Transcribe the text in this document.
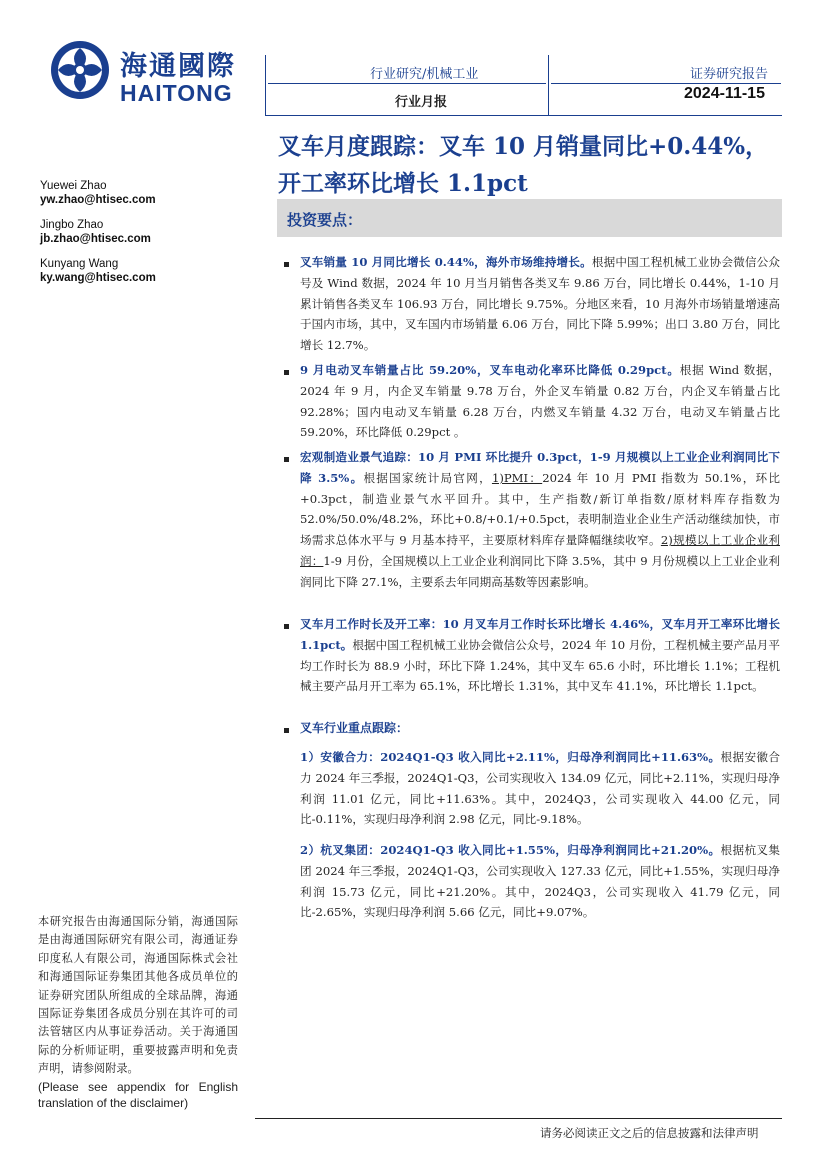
海通國際
HAITONG
行业研究/机械工业
行业月报
证券研究报告
2024-11-15
叉车月度跟踪：叉车 10 月销量同比+0.44%，开工率环比增长 1.1pct
Yuewei Zhao
yw.zhao@htisec.com
Jingbo Zhao
jb.zhao@htisec.com
Kunyang Wang
ky.wang@htisec.com
投资要点：
叉车销量 10 月同比增长 0.44%，海外市场维持增长。根据中国工程机械工业协会微信公众号及 Wind 数据，2024 年 10 月当月销售各类叉车 9.86 万台，同比增长 0.44%，1-10 月累计销售各类叉车 106.93 万台，同比增长 9.75%。分地区来看，10 月海外市场销量增速高于国内市场，其中，叉车国内市场销量 6.06 万台，同比下降 5.99%；出口 3.80 万台，同比增长 12.7%。
9 月电动叉车销量占比 59.20%，叉车电动化率环比降低 0.29pct。根据 Wind 数据，2024 年 9 月，内企叉车销量 9.78 万台，外企叉车销量 0.82 万台，内企叉车销量占比 92.28%；国内电动叉车销量 6.28 万台，内燃叉车销量 4.32 万台，电动叉车销量占比 59.20%，环比降低 0.29pct 。
宏观制造业景气追踪：10 月 PMI 环比提升 0.3pct，1-9 月规模以上工业企业利润同比下降 3.5%。根据国家统计局官网，1)PMI：2024 年 10 月 PMI 指数为 50.1%，环比+0.3pct，制造业景气水平回升。其中，生产指数/新订单指数/原材料库存指数为 52.0%/50.0%/48.2%，环比+0.8/+0.1/+0.5pct，表明制造业企业生产活动继续加快，市场需求总体水平与 9 月基本持平，主要原材料库存量降幅继续收窄。2)规模以上工业企业利润：1-9 月份，全国规模以上工业企业利润同比下降 3.5%，其中 9 月份规模以上工业企业利润同比下降 27.1%，主要系去年同期高基数等因素影响。
叉车月工作时长及开工率：10 月叉车月工作时长环比增长 4.46%，叉车月开工率环比增长 1.1pct。根据中国工程机械工业协会微信公众号，2024 年 10 月份，工程机械主要产品月平均工作时长为 88.9 小时，环比下降 1.24%，其中叉车 65.6 小时，环比增长 1.1%；工程机械主要产品月开工率为 65.1%，环比增长 1.31%，其中叉车 41.1%，环比增长 1.1pct。
叉车行业重点跟踪：
1）安徽合力：2024Q1-Q3 收入同比+2.11%，归母净利润同比+11.63%。根据安徽合力 2024 年三季报，2024Q1-Q3，公司实现收入 134.09 亿元，同比+2.11%，实现归母净利润 11.01 亿元，同比+11.63%。其中，2024Q3，公司实现收入 44.00 亿元，同比-0.11%，实现归母净利润 2.98 亿元，同比-9.18%。
2）杭叉集团：2024Q1-Q3 收入同比+1.55%，归母净利润同比+21.20%。根据杭叉集团 2024 年三季报，2024Q1-Q3，公司实现收入 127.33 亿元，同比+1.55%，实现归母净利润 15.73 亿元，同比+21.20%。其中，2024Q3，公司实现收入 41.79 亿元，同比-2.65%，实现归母净利润 5.66 亿元，同比+9.07%。
本研究报告由海通国际分销，海通国际是由海通国际研究有限公司，海通证券印度私人有限公司，海通国际株式会社和海通国际证券集团其他各成员单位的证券研究团队所组成的全球品牌，海通国际证券集团各成员分别在其许可的司法管辖区内从事证券活动。关于海通国际的分析师证明，重要披露声明和免责声明，请参阅附录。
(Please see appendix for English translation of the disclaimer)
请务必阅读正文之后的信息披露和法律声明
